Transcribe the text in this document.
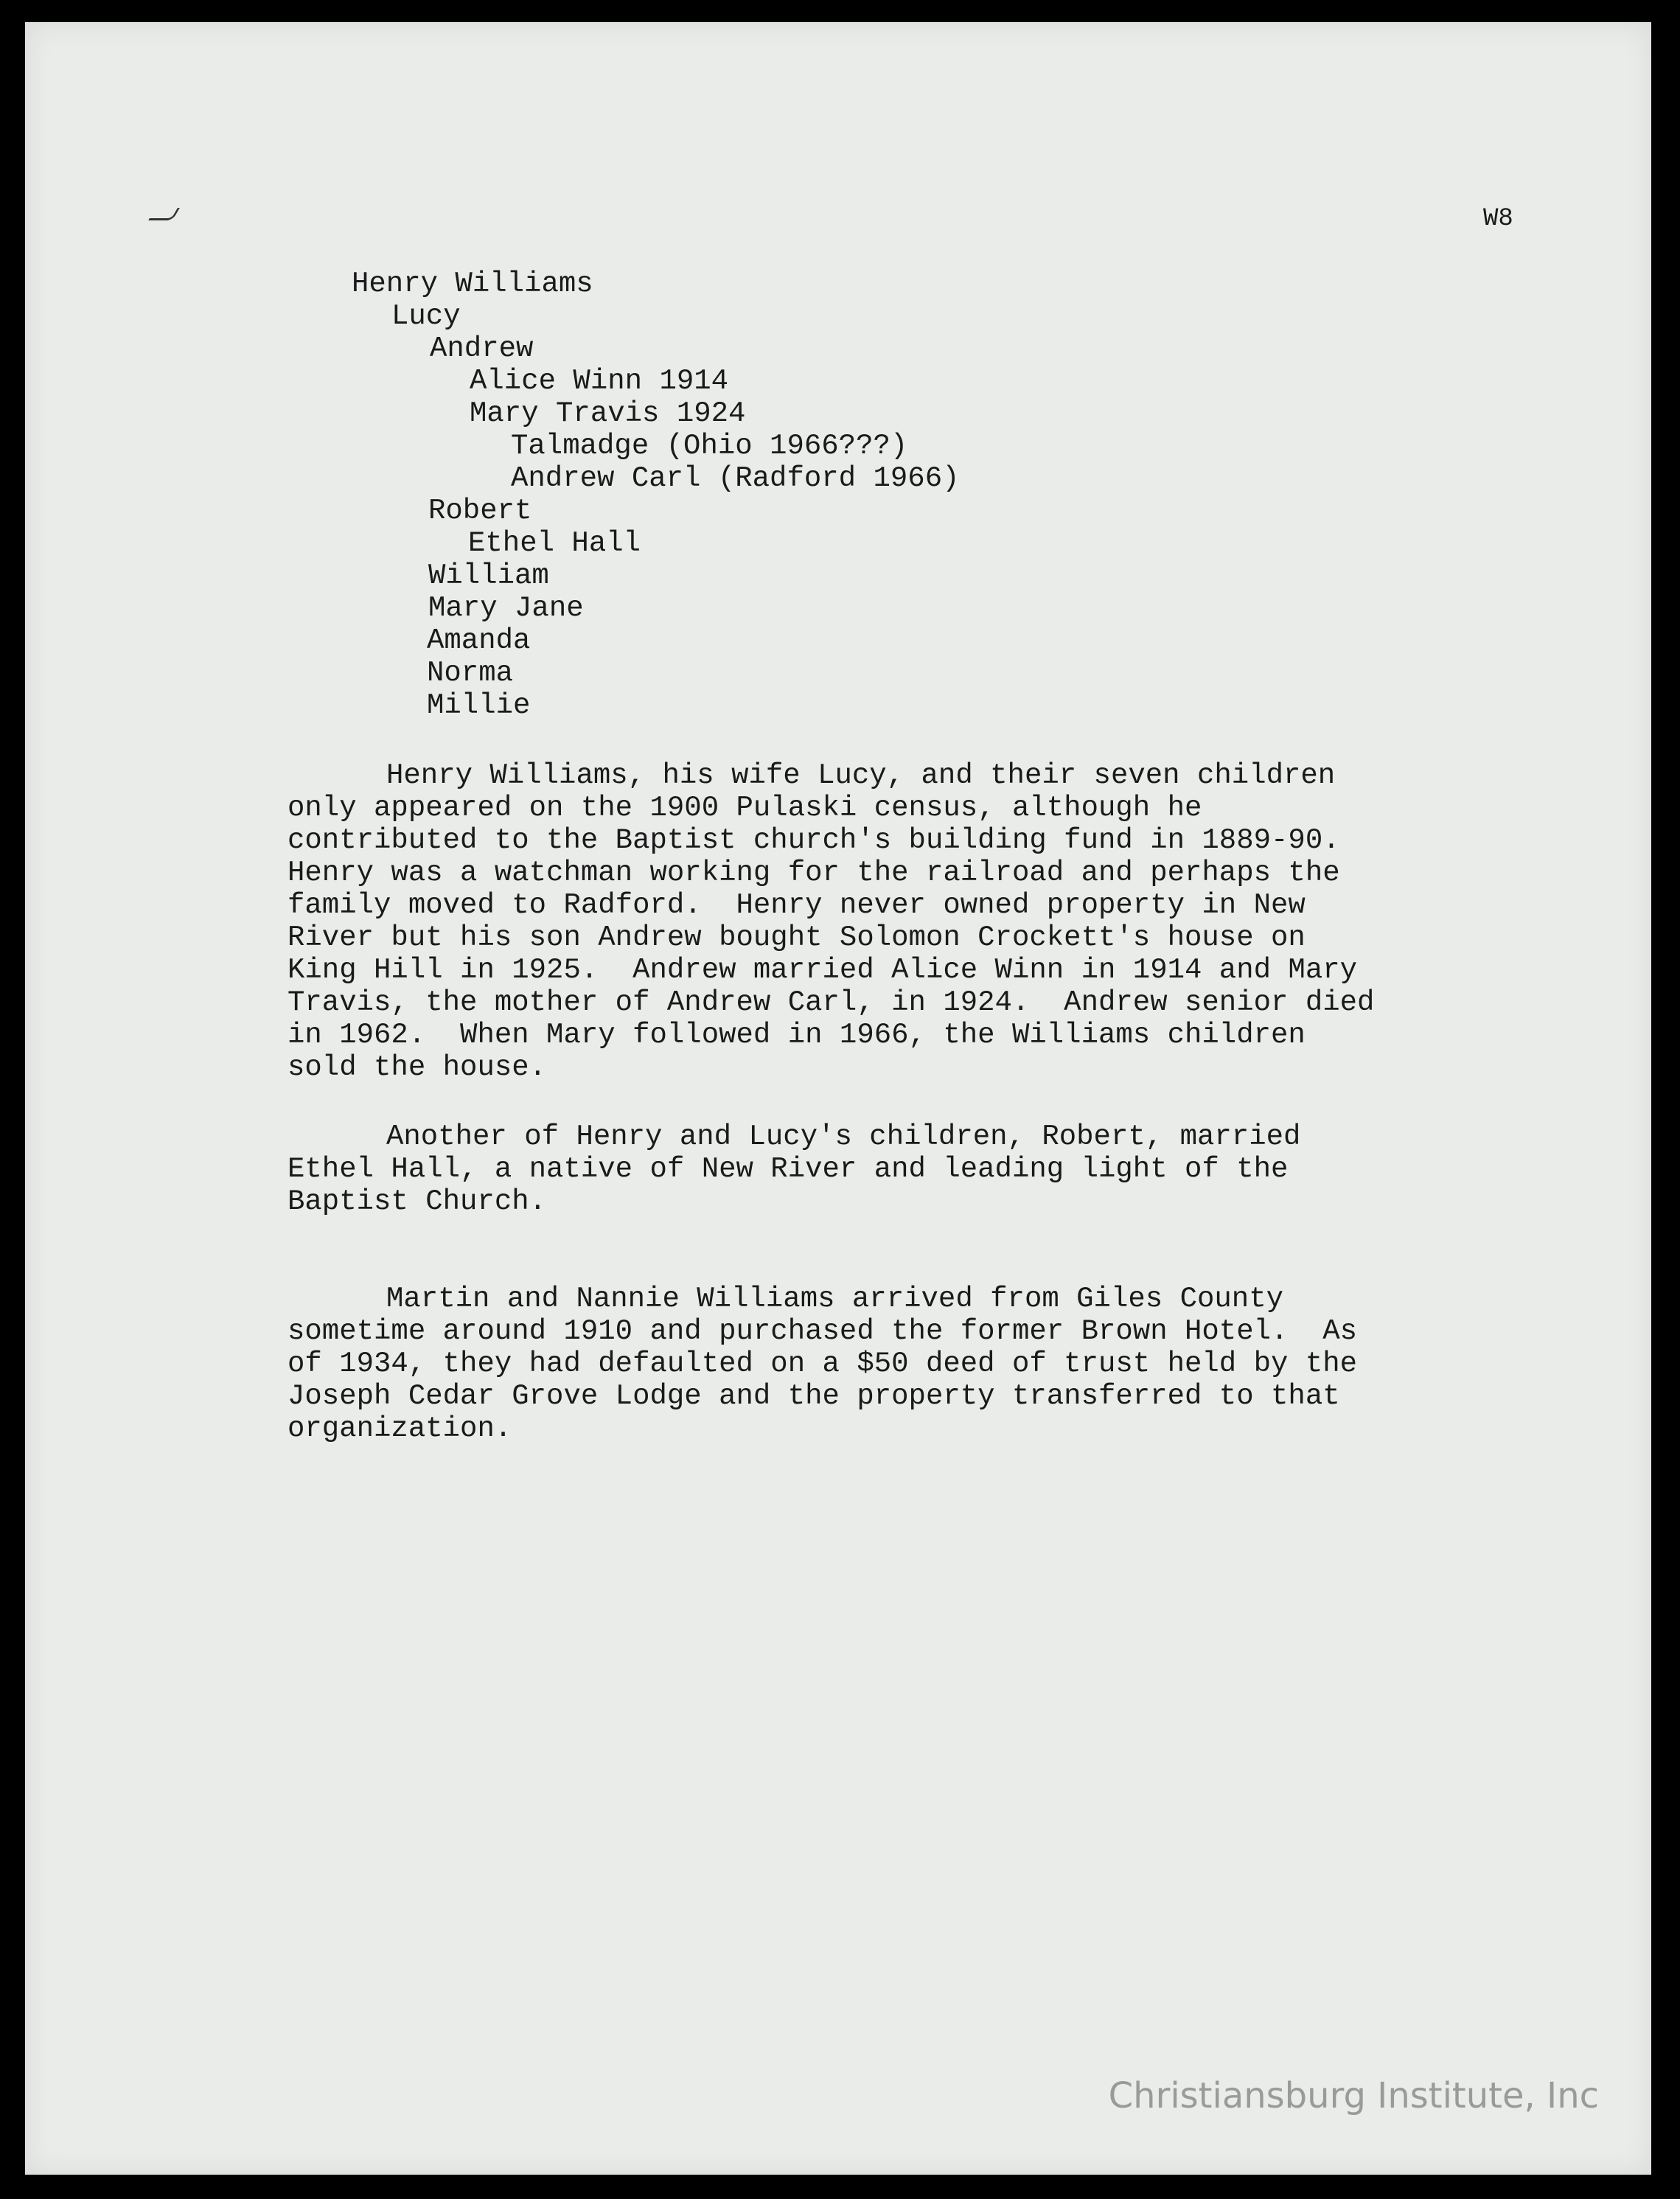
W8
Henry Williams
Lucy
Andrew
Alice Winn 1914
Mary Travis 1924
Talmadge (Ohio 1966???)
Andrew Carl (Radford 1966)
Robert
Ethel Hall
William
Mary Jane
Amanda
Norma
Millie
Henry Williams, his wife Lucy, and their seven children
only appeared on the 1900 Pulaski census, although he
contributed to the Baptist church's building fund in 1889-90.
Henry was a watchman working for the railroad and perhaps the
family moved to Radford.  Henry never owned property in New
River but his son Andrew bought Solomon Crockett's house on
King Hill in 1925.  Andrew married Alice Winn in 1914 and Mary
Travis, the mother of Andrew Carl, in 1924.  Andrew senior died
in 1962.  When Mary followed in 1966, the Williams children
sold the house.
Another of Henry and Lucy's children, Robert, married
Ethel Hall, a native of New River and leading light of the
Baptist Church.
Martin and Nannie Williams arrived from Giles County
sometime around 1910 and purchased the former Brown Hotel.  As
of 1934, they had defaulted on a $50 deed of trust held by the
Joseph Cedar Grove Lodge and the property transferred to that
organization.
Christiansburg Institute, Inc
